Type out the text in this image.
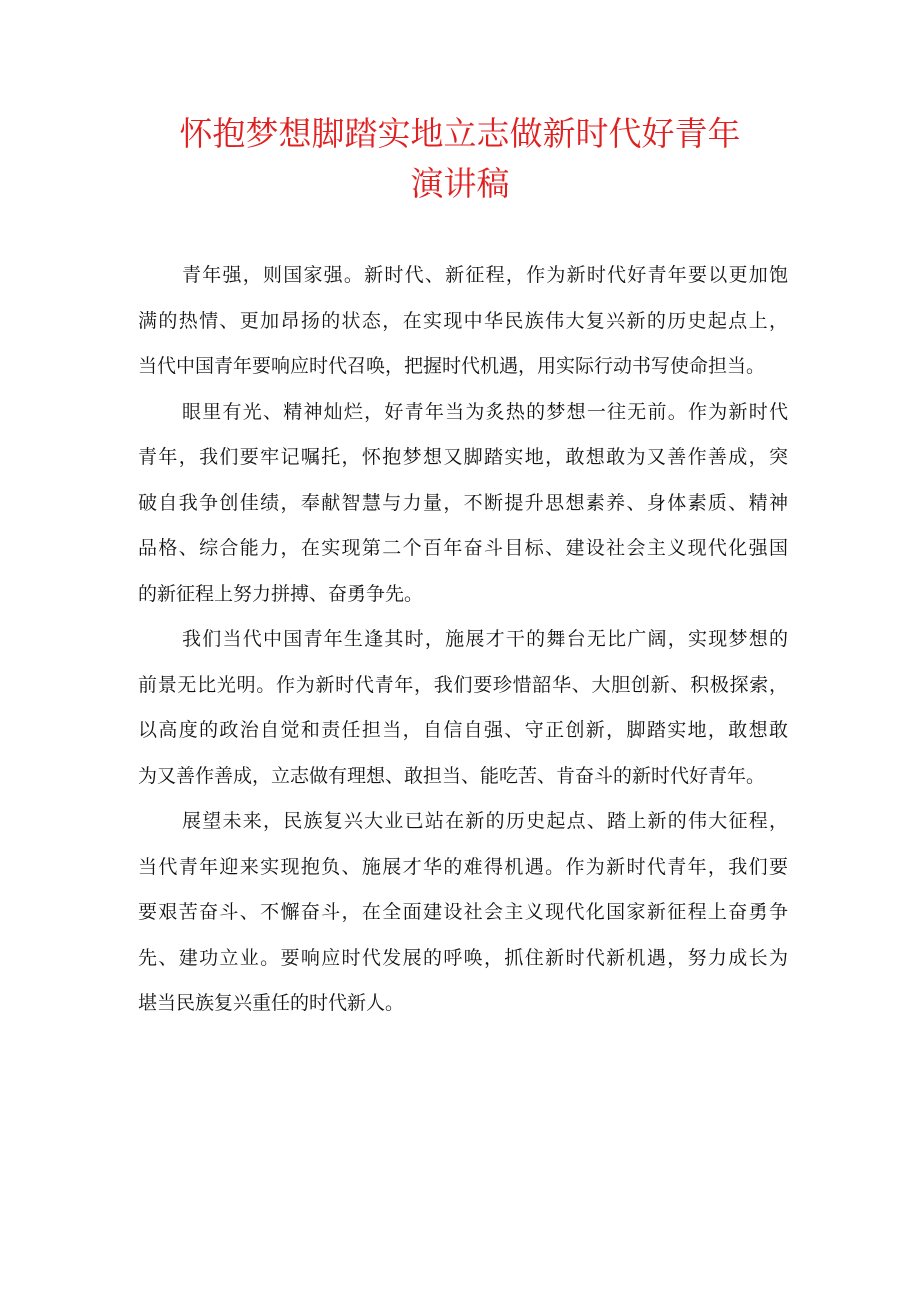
怀抱梦想脚踏实地立志做新时代好青年
演讲稿
青年强，则国家强。新时代、新征程，作为新时代好青年要以更加饱
满的热情、更加昂扬的状态，在实现中华民族伟大复兴新的历史起点上，
当代中国青年要响应时代召唤，把握时代机遇，用实际行动书写使命担当。
眼里有光、精神灿烂，好青年当为炙热的梦想一往无前。作为新时代
青年，我们要牢记嘱托，怀抱梦想又脚踏实地，敢想敢为又善作善成，突
破自我争创佳绩，奉献智慧与力量，不断提升思想素养、身体素质、精神
品格、综合能力，在实现第二个百年奋斗目标、建设社会主义现代化强国
的新征程上努力拼搏、奋勇争先。
我们当代中国青年生逢其时，施展才干的舞台无比广阔，实现梦想的
前景无比光明。作为新时代青年，我们要珍惜韶华、大胆创新、积极探索，
以高度的政治自觉和责任担当，自信自强、守正创新，脚踏实地，敢想敢
为又善作善成，立志做有理想、敢担当、能吃苦、肯奋斗的新时代好青年。
展望未来，民族复兴大业已站在新的历史起点、踏上新的伟大征程，
当代青年迎来实现抱负、施展才华的难得机遇。作为新时代青年，我们要
要艰苦奋斗、不懈奋斗，在全面建设社会主义现代化国家新征程上奋勇争
先、建功立业。要响应时代发展的呼唤，抓住新时代新机遇，努力成长为
堪当民族复兴重任的时代新人。
